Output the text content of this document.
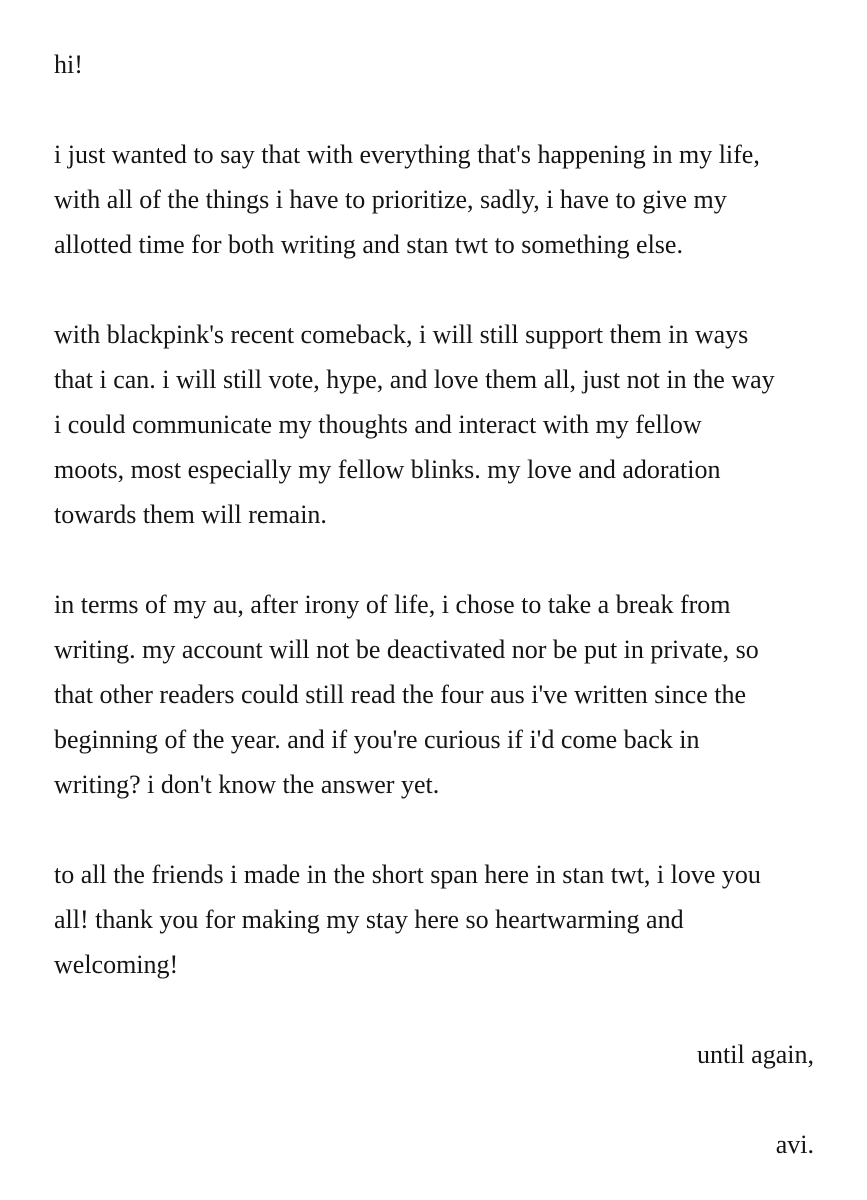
hi!

i just wanted to say that with everything that's happening in my life,
with all of the things i have to prioritize, sadly, i have to give my
allotted time for both writing and stan twt to something else.

with blackpink's recent comeback, i will still support them in ways
that i can. i will still vote, hype, and love them all, just not in the way
i could communicate my thoughts and interact with my fellow
moots, most especially my fellow blinks. my love and adoration
towards them will remain.

in terms of my au, after irony of life, i chose to take a break from
writing. my account will not be deactivated nor be put in private, so
that other readers could still read the four aus i've written since the
beginning of the year. and if you're curious if i'd come back in
writing? i don't know the answer yet.

to all the friends i made in the short span here in stan twt, i love you
all! thank you for making my stay here so heartwarming and
welcoming!

until again,

avi.
